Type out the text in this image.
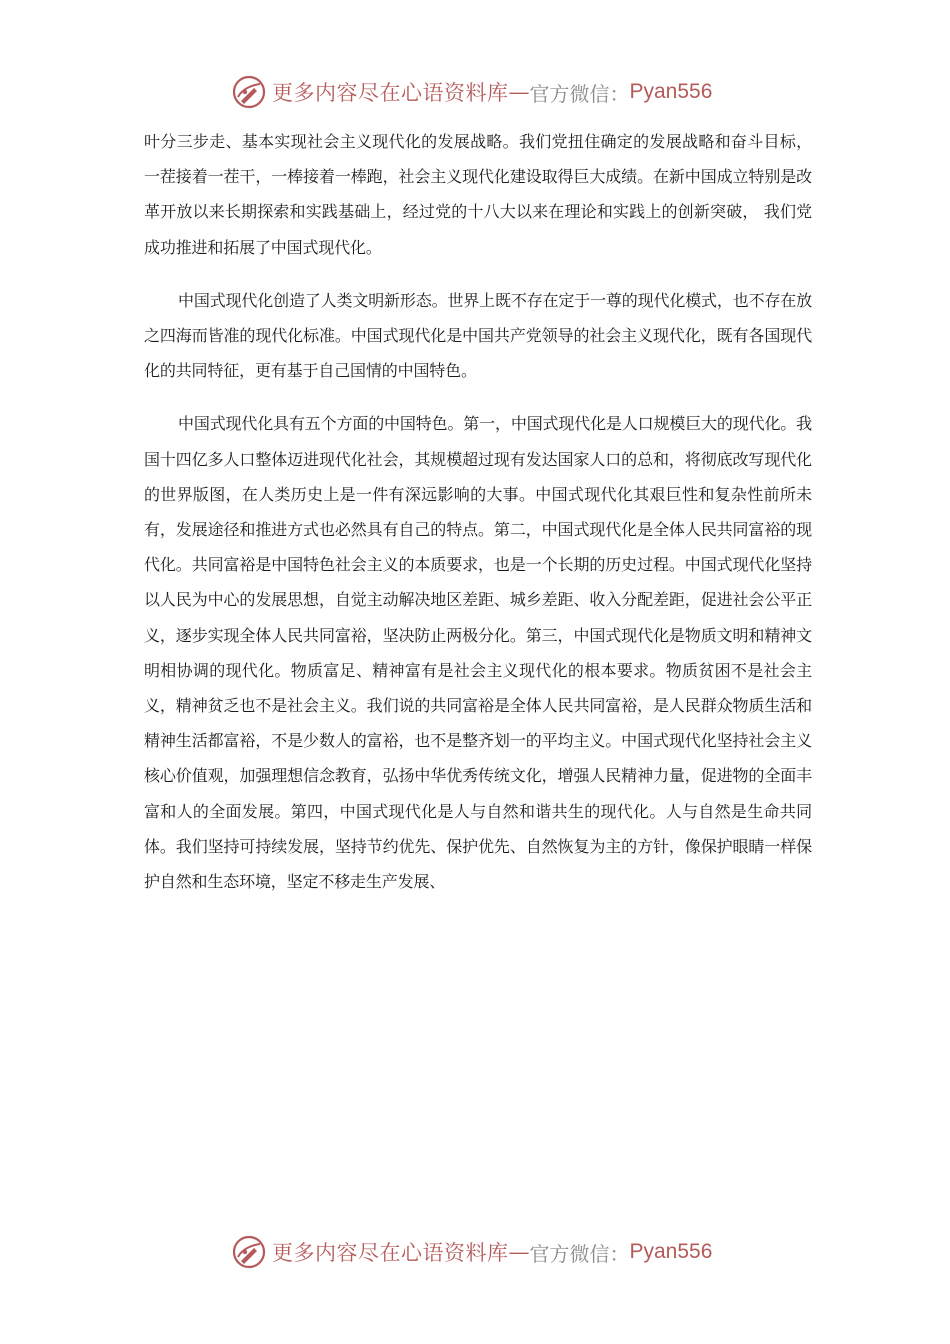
更多内容尽在心语资料库 — 官方微信： Pyan556

叶分三步走、基本实现社会主义现代化的发展战略。我们党扭住确定的发展战略和奋斗目标， 一茬接着一茬干，一棒接着一棒跑，社会主义现代化建设取得巨大成绩。在新中国成立特别是改革开放以来长期探索和实践基础上，经过党的十八大以来在理论和实践上的创新突破， 我们党成功推进和拓展了中国式现代化。

中国式现代化创造了人类文明新形态。世界上既不存在定于一尊的现代化模式，也不存在放之四海而皆准的现代化标准。中国式现代化是中国共产党领导的社会主义现代化，既有各国现代化的共同特征，更有基于自己国情的中国特色。

中国式现代化具有五个方面的中国特色。第一，中国式现代化是人口规模巨大的现代化。我国十四亿多人口整体迈进现代化社会，其规模超过现有发达国家人口的总和，将彻底改写现代化的世界版图，在人类历史上是一件有深远影响的大事。中国式现代化其艰巨性和复杂性前所未有，发展途径和推进方式也必然具有自己的特点。第二，中国式现代化是全体人民共同富裕的现代化。共同富裕是中国特色社会主义的本质要求，也是一个长期的历史过程。中国式现代化坚持以人民为中心的发展思想，自觉主动解决地区差距、城乡差距、收入分配差距，促进社会公平正义，逐步实现全体人民共同富裕，坚决防止两极分化。第三，中国式现代化是物质文明和精神文明相协调的现代化。物质富足、精神富有是社会主义现代化的根本要求。物质贫困不是社会主义，精神贫乏也不是社会主义。我们说的共同富裕是全体人民共同富裕，是人民群众物质生活和精神生活都富裕，不是少数人的富裕，也不是整齐划一的平均主义。中国式现代化坚持社会主义核心价值观，加强理想信念教育，弘扬中华优秀传统文化，增强人民精神力量，促进物的全面丰富和人的全面发展。第四，中国式现代化是人与自然和谐共生的现代化。人与自然是生命共同体。我们坚持可持续发展，坚持节约优先、保护优先、自然恢复为主的方针，像保护眼睛一样保护自然和生态环境，坚定不移走生产发展、

更多内容尽在心语资料库 — 官方微信： Pyan556
